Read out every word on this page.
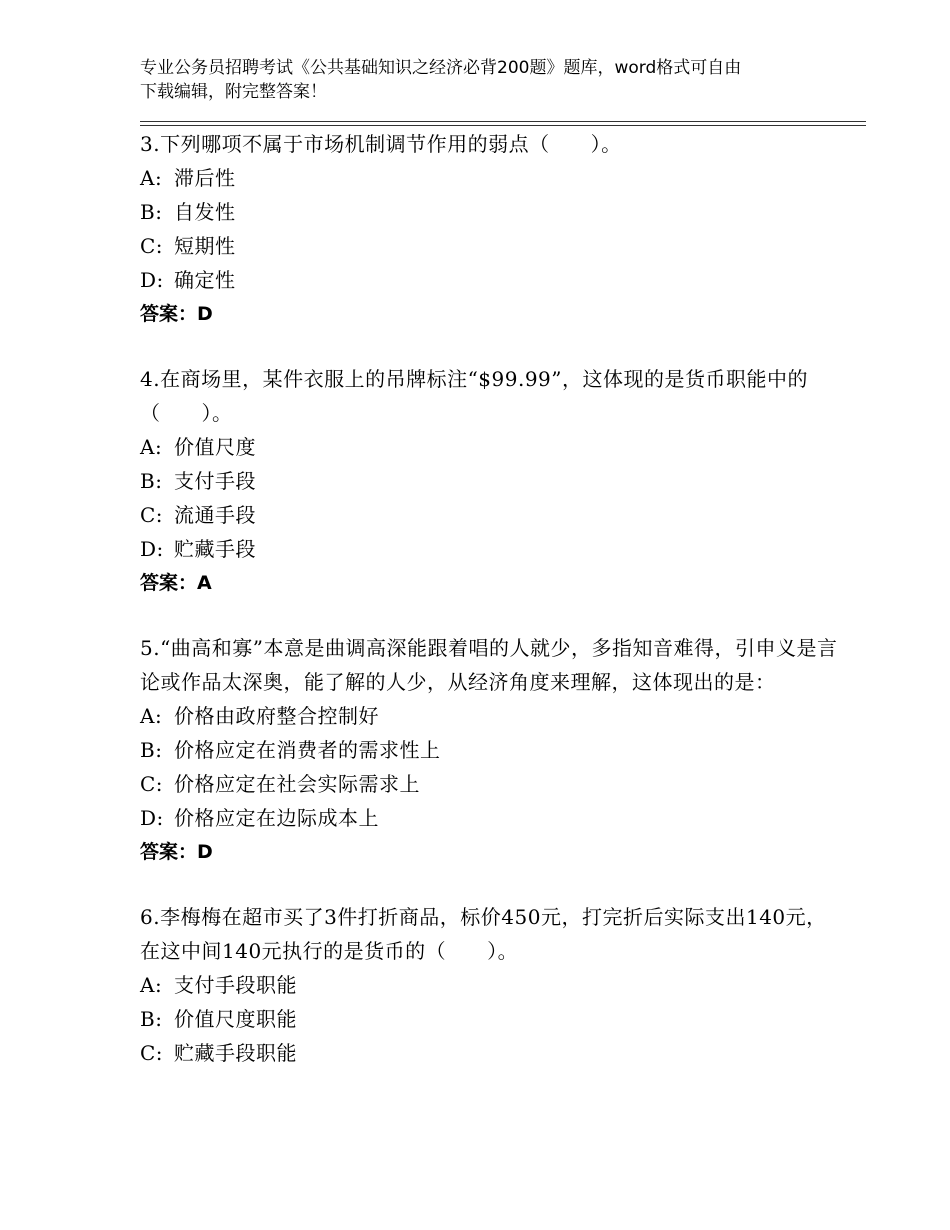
专业公务员招聘考试《公共基础知识之经济必背200题》题库，word格式可自由
下载编辑，附完整答案！
3.下列哪项不属于市场机制调节作用的弱点（　　）。
A: 滞后性
B: 自发性
C: 短期性
D: 确定性
答案：D
4.在商场里，某件衣服上的吊牌标注“$99.99”，这体现的是货币职能中的（　　）。
A: 价值尺度
B: 支付手段
C: 流通手段
D: 贮藏手段
答案：A
5.“曲高和寡”本意是曲调高深能跟着唱的人就少，多指知音难得，引申义是言论或作品太深奥，能了解的人少，从经济角度来理解，这体现出的是：
A: 价格由政府整合控制好
B: 价格应定在消费者的需求性上
C: 价格应定在社会实际需求上
D: 价格应定在边际成本上
答案：D
6.李梅梅在超市买了3件打折商品，标价450元，打完折后实际支出140元，在这中间140元执行的是货币的（　　）。
A: 支付手段职能
B: 价值尺度职能
C: 贮藏手段职能
